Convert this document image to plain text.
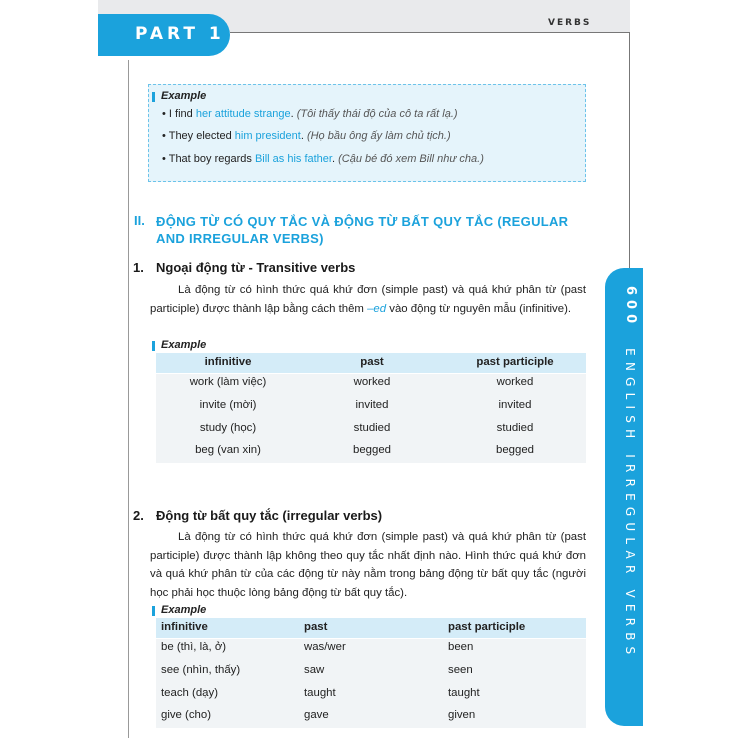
PART 1
VERBS
Example
• I find her attitude strange. (Tôi thấy thái độ của cô ta rất lạ.)
• They elected him president. (Họ bầu ông ấy làm chủ tịch.)
• That boy regards Bill as his father. (Cậu bé đó xem Bill như cha.)
II. ĐỘNG TỪ CÓ QUY TẮC VÀ ĐỘNG TỪ BẤT QUY TẮC (REGULAR AND IRREGULAR VERBS)
1. Ngoại động từ - Transitive verbs
Là động từ có hình thức quá khứ đơn (simple past) và quá khứ phân từ (past participle) được thành lập bằng cách thêm –ed vào động từ nguyên mẫu (infinitive).
Example
infinitive	past	past participle
work (làm việc)	worked	worked
invite (mời)	invited	invited
study (học)	studied	studied
beg (van xin)	begged	begged
2. Động từ bất quy tắc (irregular verbs)
Là động từ có hình thức quá khứ đơn (simple past) và quá khứ phân từ (past participle) được thành lập không theo quy tắc nhất định nào. Hình thức quá khứ đơn và quá khứ phân từ của các động từ này nằm trong bảng động từ bất quy tắc (người học phải học thuộc lòng bảng động từ bất quy tắc).
Example
infinitive	past	past participle
be (thì, là, ở)	was/wer	been
see (nhìn, thấy)	saw	seen
teach (dạy)	taught	taught
give (cho)	gave	given
600  ENGLISH IRREGULAR VERBS
